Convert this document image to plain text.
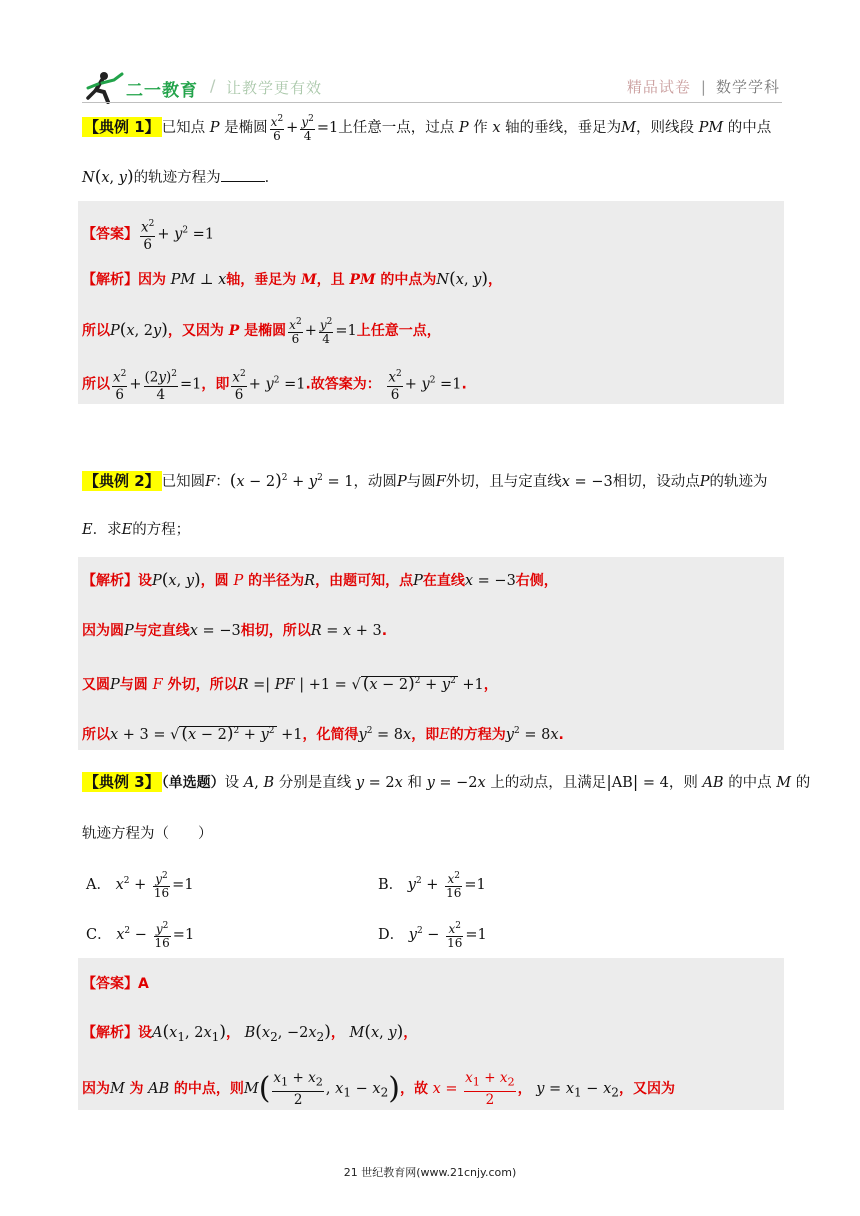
二一教育 / 让教学更有效	精品试卷 | 数学学科
【典例 1】 已知点 P 是椭圆 $\frac{x^2}{6} + \frac{y^2}{4} =1$上任意一点，过点 P 作 x 轴的垂线，垂足为M，则线段 PM 的中点
N(x, y)的轨迹方程为	．
【答案】 $\frac{x^2}{6} + y^2 =1$
【解析】因为 PM ⊥ x轴，垂足为 M，且 PM 的中点为N(x, y)，
所以P(x, 2y)，又因为 P 是椭圆 $\frac{x^2}{6} + \frac{y^2}{4} =1$上任意一点，
所以 $\frac{x^2}{6} + \frac{(2y)^2}{4} =1$，即 $\frac{x^2}{6} + y^2 =1$.故答案为： $\frac{x^2}{6} + y^2 =1$.
【典例 2】 已知圆F：$(x - 2)^2 + y^2 = 1$，动圆P与圆F外切，且与定直线x = −3相切，设动点P的轨迹为
E．求E的方程；
【解析】设P(x, y)，圆 P 的半径为R，由题可知，点P在直线x = −3右侧，
因为圆P与定直线x = −3相切，所以R = x + 3.
又圆P与圆 F 外切，所以R =| PF | +1 = √ $(x - 2)^2 + y^2 +1$，
所以x + 3 = √ $(x - 2)^2 + y^2 +1$，化简得$y^2 = 8x$，即E的方程为$y^2 = 8x$.
【典例 3】 （单选题）设 A, B 分别是直线 y = 2x 和 y = −2x 上的动点，且满足|AB| = 4，则 AB 的中点 M 的
轨迹方程为（　　）
A． $x^2 + \frac{y^2}{16} =1$	B． $y^2 + \frac{x^2}{16} =1$
C． $x^2 - \frac{y^2}{16} =1$	D． $y^2 - \frac{x^2}{16} =1$
【答案】A
【解析】设$A(x_1$, $2x_1$)， $B(x_2$, $-2x_2$)， M(x, y)，
因为M 为 AB 的中点，则$M( \frac{x_1 + x_2}{2}$ , $x_1 - x_2$)，故 $x = \frac{x_1 + x_2}{2}$ ， $y = x_1 - x_2$，又因为
21 世纪教育网(www.21cnjy.com)
